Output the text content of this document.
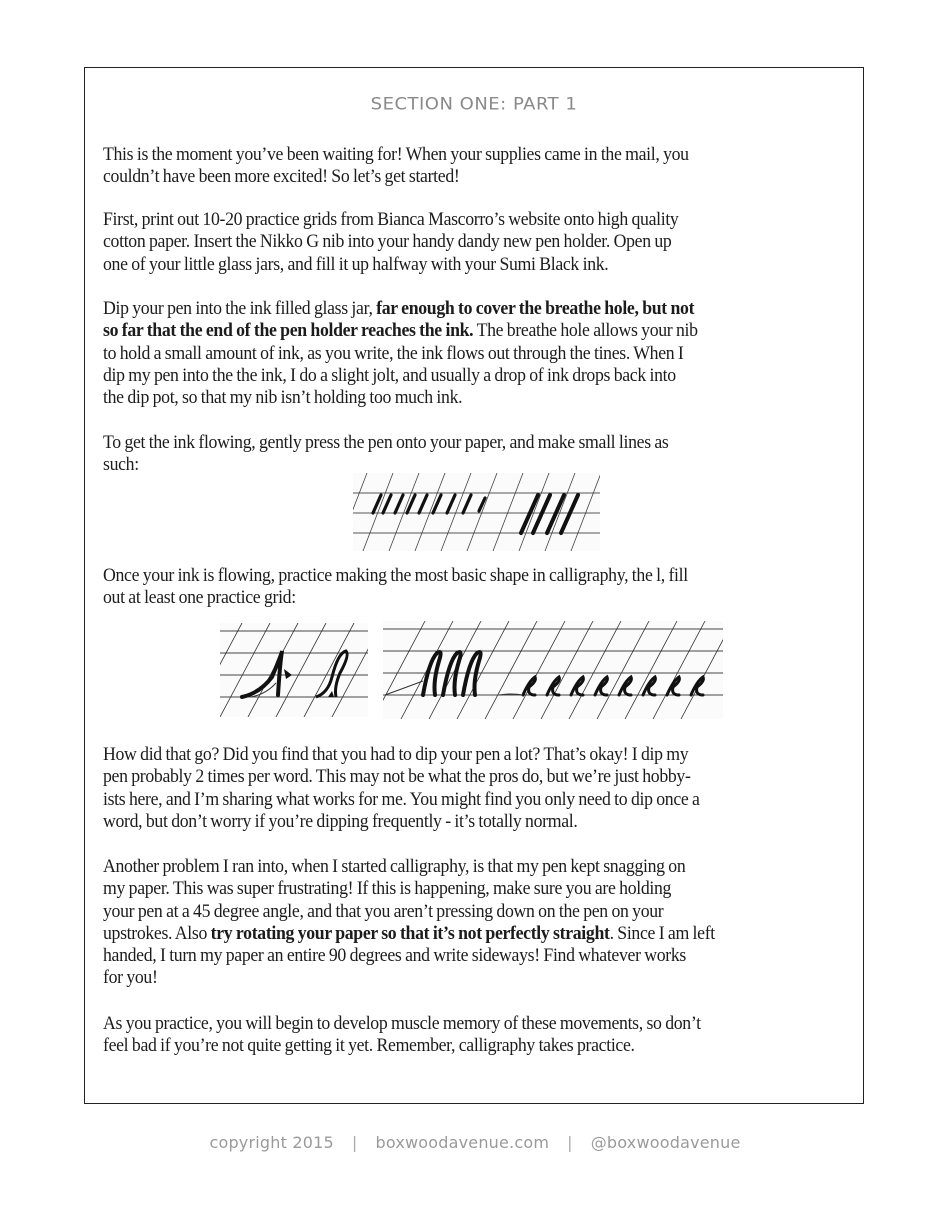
SECTION ONE: PART 1
This is the moment you’ve been waiting for! When your supplies came in the mail, you
couldn’t have been more excited! So let’s get started!
First, print out 10-20 practice grids from Bianca Mascorro’s website onto high quality
cotton paper. Insert the Nikko G nib into your handy dandy new pen holder. Open up
one of your little glass jars, and fill it up halfway with your Sumi Black ink.
Dip your pen into the ink filled glass jar, far enough to cover the breathe hole, but not
so far that the end of the pen holder reaches the ink. The breathe hole allows your nib
to hold a small amount of ink, as you write, the ink flows out through the tines. When I
dip my pen into the the ink, I do a slight jolt, and usually a drop of ink drops back into
the dip pot, so that my nib isn’t holding too much ink.
To get the ink flowing, gently press the pen onto your paper, and make small lines as
such:
Once your ink is flowing, practice making the most basic shape in calligraphy, the l, fill
out at least one practice grid:
How did that go? Did you find that you had to dip your pen a lot? That’s okay! I dip my
pen probably 2 times per word. This may not be what the pros do, but we’re just hobby-
ists here, and I’m sharing what works for me. You might find you only need to dip once a
word, but don’t worry if you’re dipping frequently - it’s totally normal.
Another problem I ran into, when I started calligraphy, is that my pen kept snagging on
my paper. This was super frustrating! If this is happening, make sure you are holding
your pen at a 45 degree angle, and that you aren’t pressing down on the pen on your
upstrokes. Also try rotating your paper so that it’s not perfectly straight. Since I am left
handed, I turn my paper an entire 90 degrees and write sideways! Find whatever works
for you!
As you practice, you will begin to develop muscle memory of these movements, so don’t
feel bad if you’re not quite getting it yet. Remember, calligraphy takes practice.
copyright 2015 | boxwoodavenue.com | @boxwoodavenue
